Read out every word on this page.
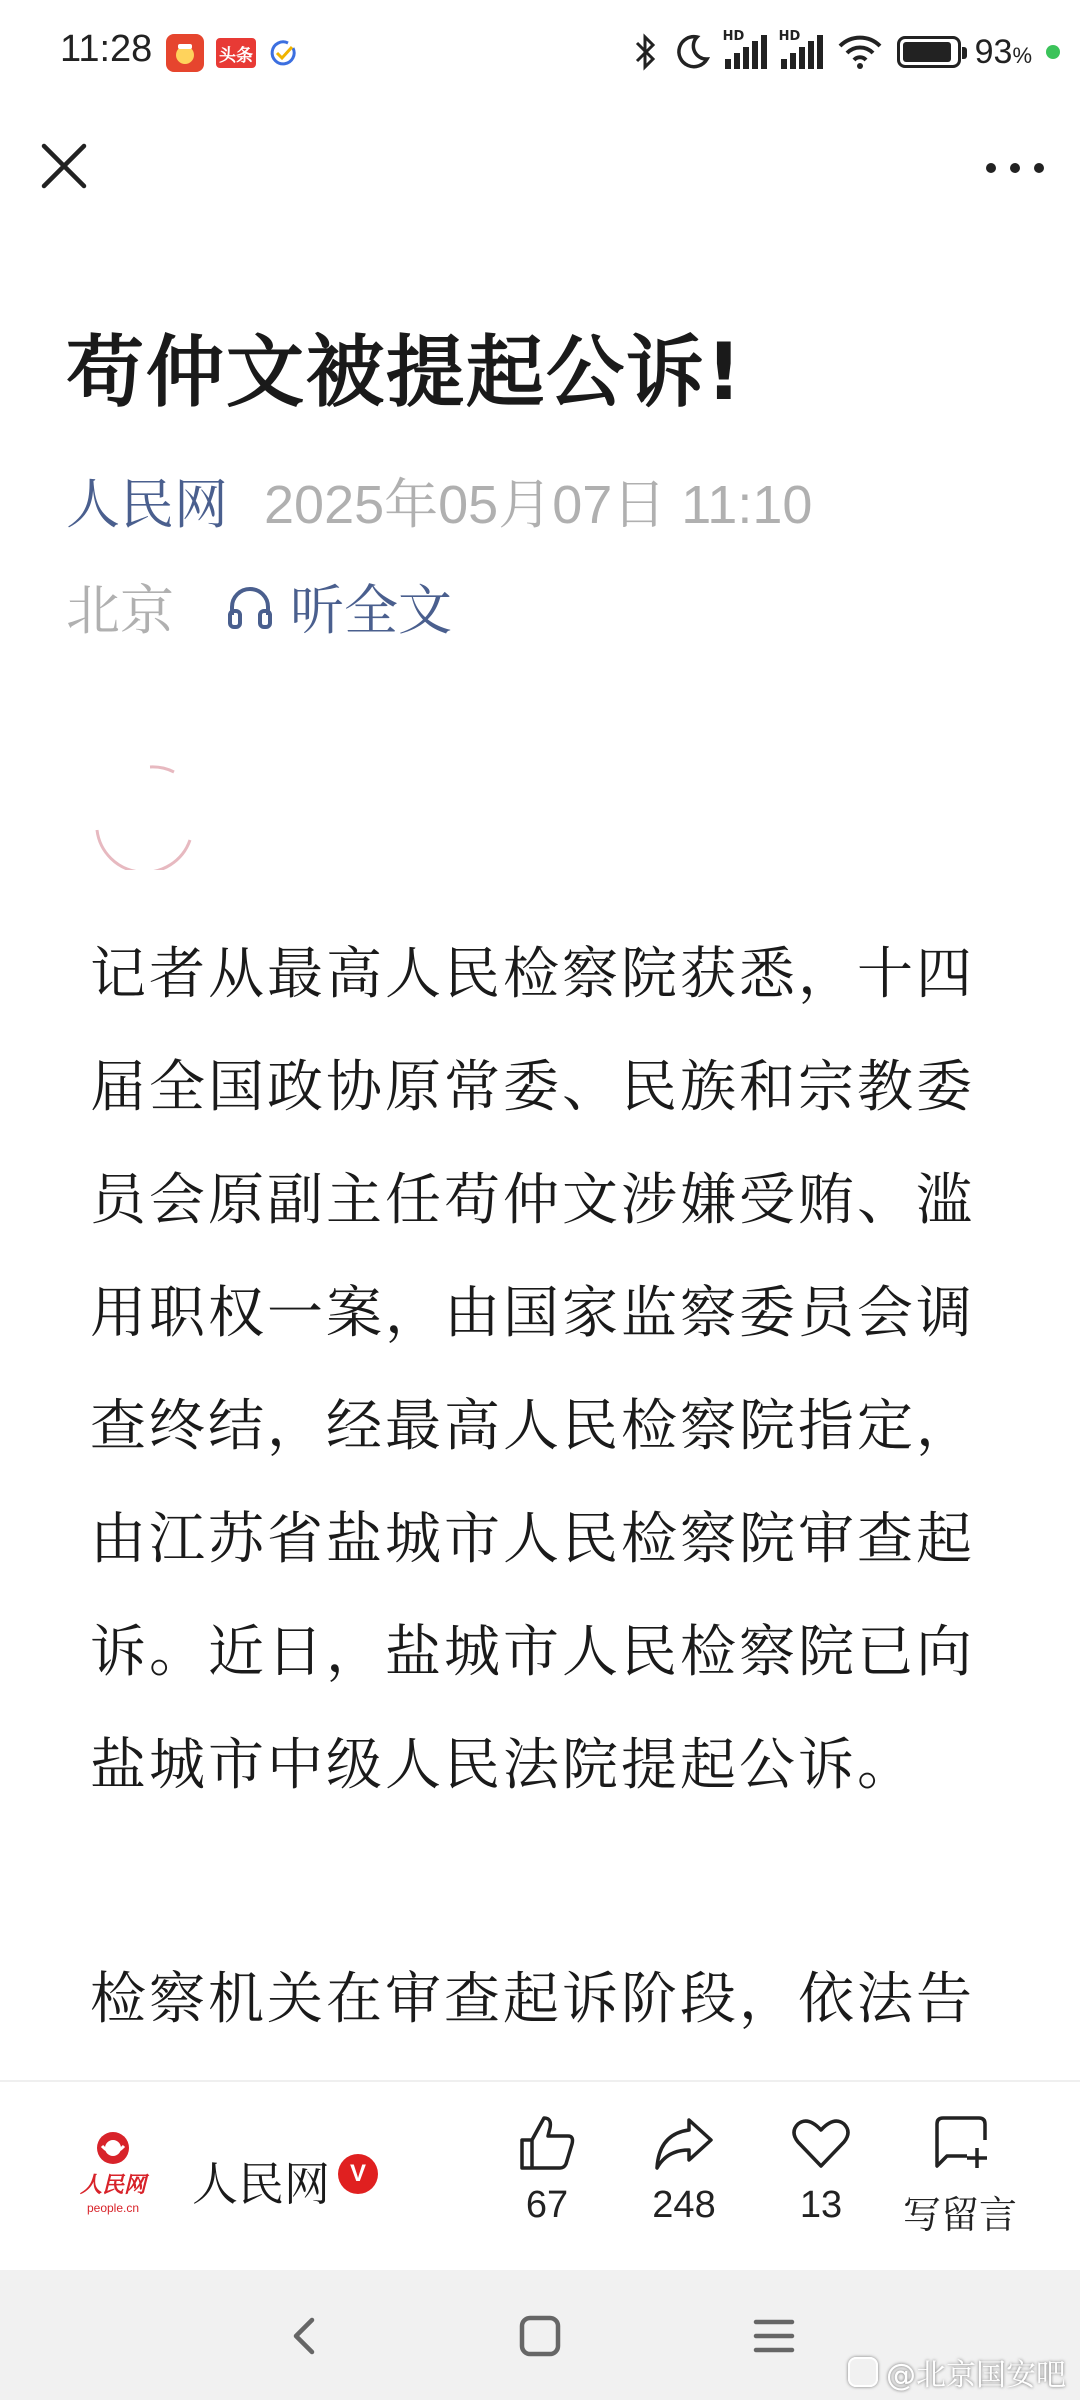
11:28	头条
HD	HD	93%
苟仲文被提起公诉!
人民网 2025年05月07日 11:10
北京 听全文

记者从最高人民检察院获悉，十四届全国政协原常委、民族和宗教委员会原副主任苟仲文涉嫌受贿、滥用职权一案，由国家监察委员会调查终结，经最高人民检察院指定，由江苏省盐城市人民检察院审查起诉。近日，盐城市人民检察院已向盐城市中级人民法院提起公诉。

检察机关在审查起诉阶段，依法告

人民网
people.cn 人民网 V
67 248 13 写留言
@北京国安吧
